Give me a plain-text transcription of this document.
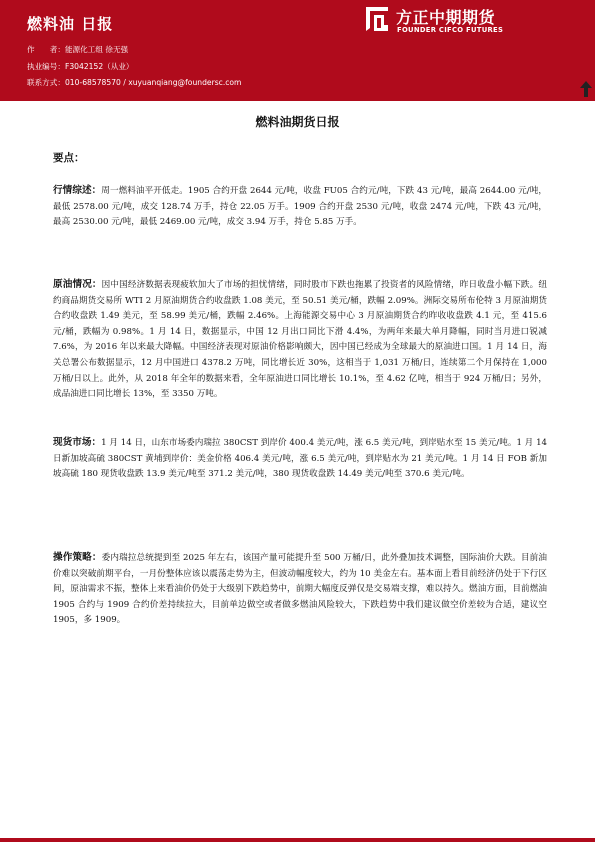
燃料油 日报
作　　者：能源化工组 徐无强
执业编号：F3042152（从业）
联系方式：010-68578570 / xuyuanqiang@foundersc.com
方正中期期货
FOUNDER CIFCO FUTURES
燃料油期货日报
要点：
行情综述：周一燃料油平开低走。1905 合约开盘 2644 元/吨，收盘 FU05 合约元/吨，下跌 43 元/吨，最高 2644.00 元/吨，最低 2578.00 元/吨，成交 128.74 万手，持仓 22.05 万手。1909 合约开盘 2530 元/吨，收盘 2474 元/吨，下跌 43 元/吨，最高 2530.00 元/吨，最低 2469.00 元/吨，成交 3.94 万手，持仓 5.85 万手。
原油情况：因中国经济数据表现疲软加大了市场的担忧情绪，同时股市下跌也拖累了投资者的风险情绪，昨日收盘小幅下跌。纽约商品期货交易所 WTI 2 月原油期货合约收盘跌 1.08 美元，至 50.51 美元/桶，跌幅 2.09%。洲际交易所布伦特 3 月原油期货合约收盘跌 1.49 美元，至 58.99 美元/桶，跌幅 2.46%。上海能源交易中心 3 月原油期货合约昨收收盘跌 4.1 元，至 415.6 元/桶，跌幅为 0.98%。1 月 14 日，数据显示，中国 12 月出口同比下滑 4.4%，为两年来最大单月降幅，同时当月进口锐减 7.6%，为 2016 年以来最大降幅。中国经济表现对原油价格影响颇大，因中国已经成为全球最大的原油进口国。1 月 14 日，海关总署公布数据显示，12 月中国进口 4378.2 万吨，同比增长近 30%，这相当于 1,031 万桶/日，连续第二个月保持在 1,000 万桶/日以上。此外，从 2018 年全年的数据来看，全年原油进口同比增长 10.1%，至 4.62 亿吨，相当于 924 万桶/日；另外，成品油进口同比增长 13%，至 3350 万吨。
现货市场：1 月 14 日，山东市场委内瑞拉 380CST 到岸价 400.4 美元/吨，涨 6.5 美元/吨，到岸贴水至 15 美元/吨。1 月 14 日新加坡高硫 380CST 黄埔到岸价：美金价格 406.4 美元/吨，涨 6.5 美元/吨，到岸贴水为 21 美元/吨。1 月 14 日 FOB 新加坡高硫 180 现货收盘跌 13.9 美元/吨至 371.2 美元/吨，380 现货收盘跌 14.49 美元/吨至 370.6 美元/吨。
操作策略：委内瑞拉总统提到至 2025 年左右，该国产量可能提升至 500 万桶/日，此外叠加技术调整，国际油价大跌。目前油价难以突破前期平台，一月份整体应该以震荡走势为主，但波动幅度较大，约为 10 美金左右。基本面上看目前经济仍处于下行区间，原油需求不振，整体上来看油价仍处于大级别下跌趋势中，前期大幅度反弹仅是交易端支撑，难以持久。燃油方面，目前燃油 1905 合约与 1909 合约价差持续拉大，目前单边做空或者做多燃油风险较大，下跌趋势中我们建议做空价差较为合适，建议空 1905，多 1909。
